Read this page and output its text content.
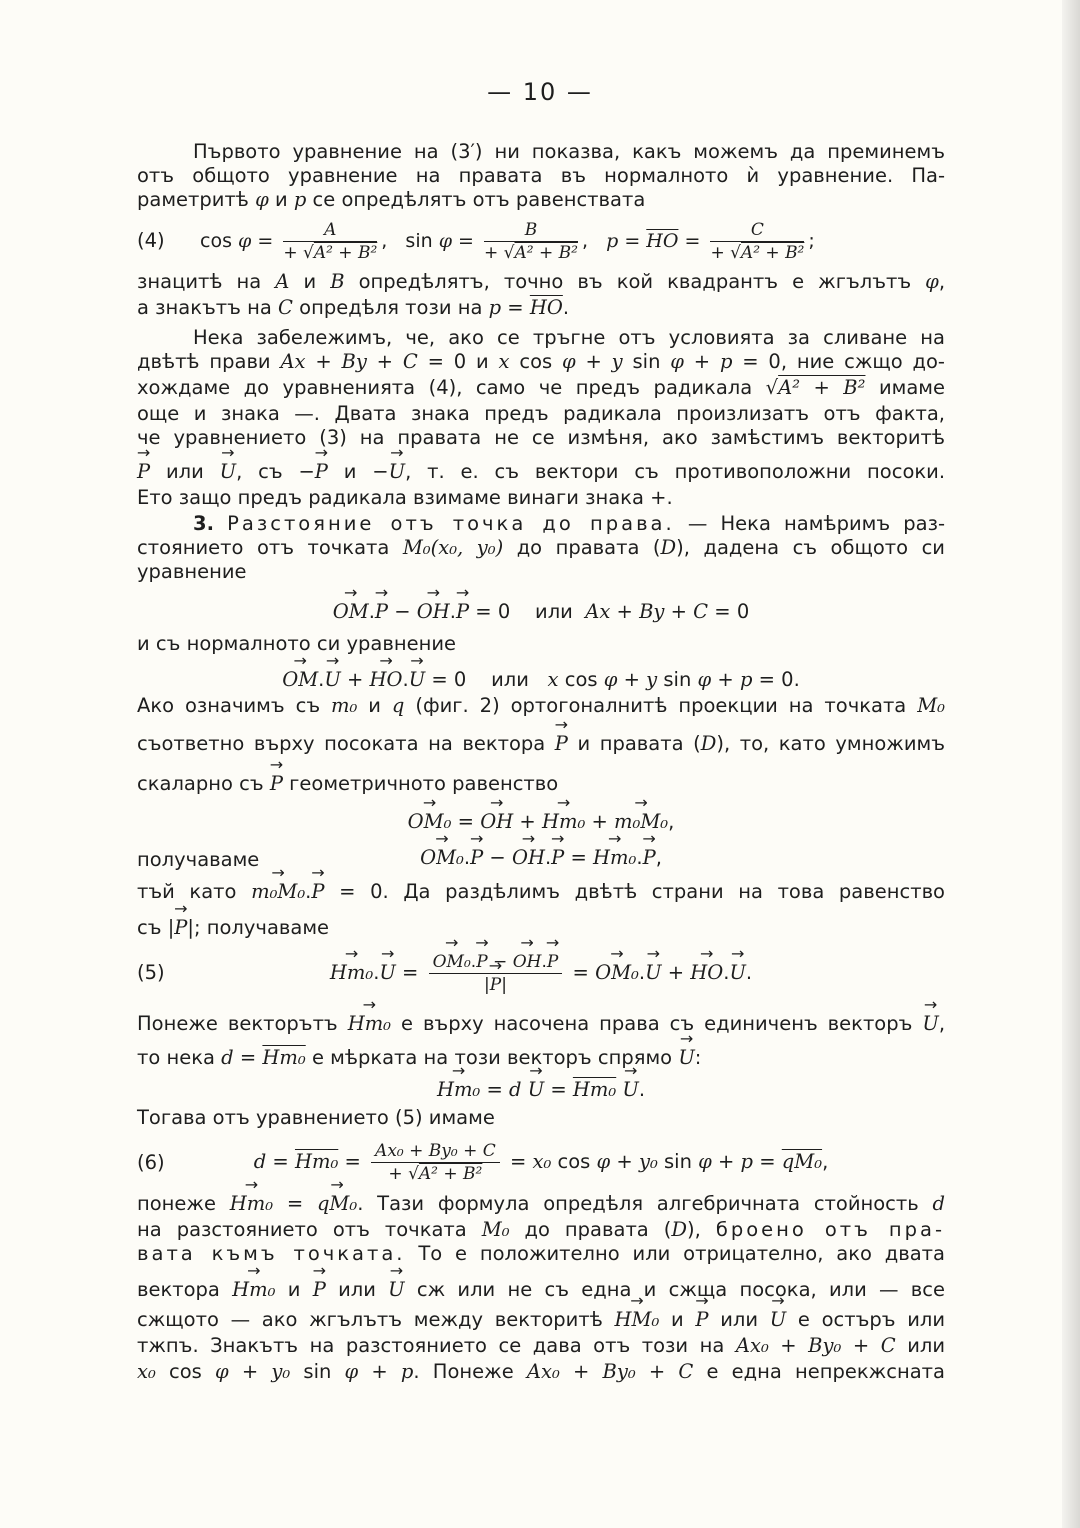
— 10 —
Първото уравнение на (3′) ни показва, какъ можемъ да преминемъ
отъ общото уравнение на правата въ нормалното ѝ уравнение. Па-
раметритѣ φ и p се опредѣлятъ отъ равенствата
(4) $\cos \varphi = \frac{A}{\text{+ √A² + B²}}$ ,   $\sin \varphi = \frac{B}{\text{+ √A² + B²}}$ ,   $p = \overline{HO} = \frac{C}{\text{+ √A² + B²}}$ ;
знацитѣ на A и B опредѣлятъ, точно въ кой квадрантъ е жгълътъ φ,
а знакътъ на C опредѣля този на $p = \overline{HO}$.
Нека забележимъ, че, ако се тръгне отъ условията за сливане на
двѣтѣ прави Ax + By + C = 0 и x cos φ + y sin φ + p = 0, ние сжщо до-
хождаме до уравненията (4), само че предъ радикала √A² + B² имаме
още и знака —. Двата знака предъ радикала произлизатъ отъ факта,
че уравнението (3) на правата не се измѣня, ако замѣстимъ векторитѣ
→ P или → U, съ −→ P и −→ U, т. е. съ вектори съ противоположни посоки.
Ето защо предъ радикала взимаме винаги знака +.
3. Разстояние отъ точка до права. — Нека намѣримъ раз-
стоянието отъ точката M₀(x₀, y₀) до правата (D), дадена съ общото си
уравнение
→ OM.→ P − → OH.→ P = 0    или Ax + By + C = 0
и съ нормалното си уравнение
→ OM.→ U + → HO.→ U = 0    или x cos φ + y sin φ + p = 0.
Ако означимъ съ m₀ и q (фиг. 2) ортогоналнитѣ проекции на точката M₀
съответно върху посоката на вектора → P и правата (D), то, като умножимъ
скаларно съ → P геометричното равенство
→ OM₀ = → OH + → Hm₀ + → m₀M₀,
получаваме	→ OM₀.→ P − → OH.→ P = → Hm₀.→ P,
тъй като → m₀M₀.→ P = 0. Да раздѣлимъ двѣтѣ страни на това равенство
съ |→ P|; получаваме
(5)	→ Hm₀.→ U = → $\frac{\text{OM₀.→ P − → OH.→ P}}{|\to P|}$ = → OM₀.→ U + → HO.→ U.
Понеже векторътъ → Hm₀ е върху насочена права съ единиченъ векторъ → U,
то нека d = Hm₀ е мѣрката на този векторъ спрямо → U:
→ Hm₀ = d → U = Hm₀ → U.
Тогава отъ уравнението (5) имаме
(6)	$d = Hm_0 = \frac{\text{Ax₀ + By₀ + C}}{\text{+ √A² + B²}} = x_0$ cos φ + y₀ sin φ + p = qM₀,
понеже → Hm₀ = → qM₀. Тази формула опредѣля алгебричната стойность d
на разстоянието отъ точката M₀ до правата (D), броено отъ пра-
вата къмъ точката. То е положително или отрицателно, ако двата
вектора → Hm₀ и → P или → U сж или не съ една и сжща посока, или — все
сжщото — ако жгълътъ между векторитѣ → HM₀ и → P или → U е остъръ или
тжпъ. Знакътъ на разстоянието се дава отъ този на Ax₀ + By₀ + C или
x₀ cos φ + y₀ sin φ + p. Понеже Ax₀ + By₀ + C е една непрекжсната
